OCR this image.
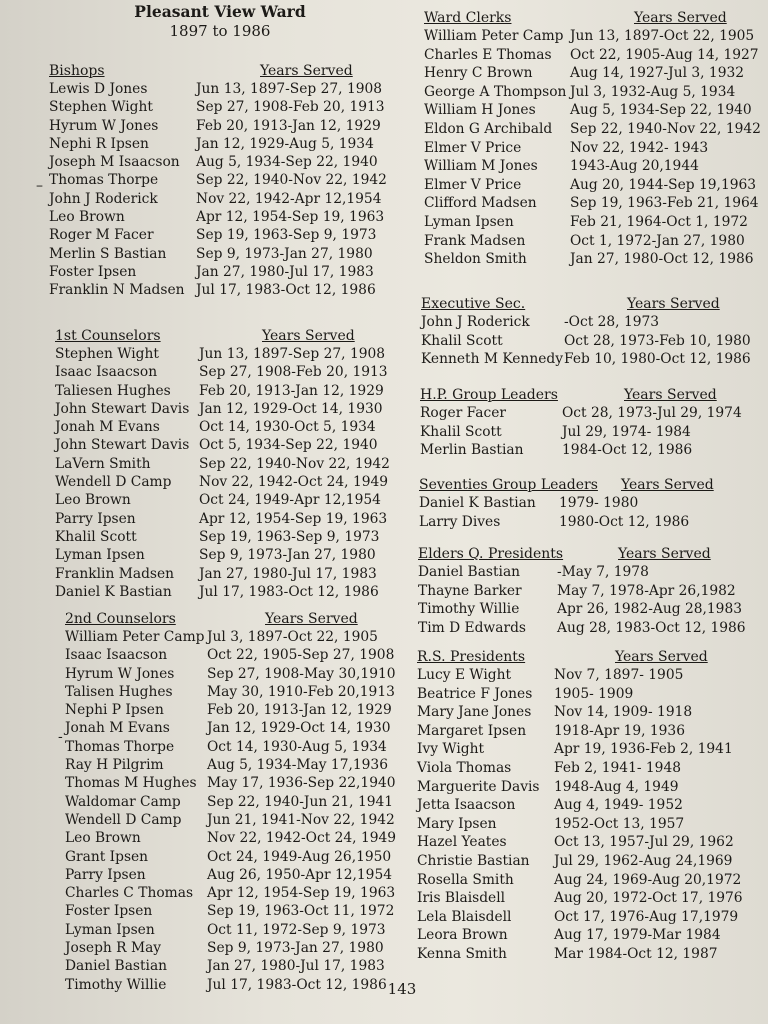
Pleasant View Ward
1897 to 1986
–
-
Bishops	Years Served
Lewis D Jones	Jun 13, 1897-Sep 27, 1908
Stephen Wight	Sep 27, 1908-Feb 20, 1913
Hyrum W Jones	Feb 20, 1913-Jan 12, 1929
Nephi R Ipsen	Jan 12, 1929-Aug 5, 1934
Joseph M Isaacson Aug 5, 1934-Sep 22, 1940
Thomas Thorpe	Sep 22, 1940-Nov 22, 1942
John J Roderick	Nov 22, 1942-Apr 12,1954
Leo Brown	Apr 12, 1954-Sep 19, 1963
Roger M Facer	Sep 19, 1963-Sep 9, 1973
Merlin S Bastian Sep 9, 1973-Jan 27, 1980
Foster Ipsen	Jan 27, 1980-Jul 17, 1983
Franklin N Madsen Jul 17, 1983-Oct 12, 1986
1st Counselors	Years Served
Stephen Wight	Jun 13, 1897-Sep 27, 1908
Isaac Isaacson	Sep 27, 1908-Feb 20, 1913
Taliesen Hughes Feb 20, 1913-Jan 12, 1929
John Stewart Davis Jan 12, 1929-Oct 14, 1930
Jonah M Evans	Oct 14, 1930-Oct 5, 1934
John Stewart Davis Oct 5, 1934-Sep 22, 1940
LaVern Smith	Sep 22, 1940-Nov 22, 1942
Wendell D Camp Nov 22, 1942-Oct 24, 1949
Leo Brown	Oct 24, 1949-Apr 12,1954
Parry Ipsen	Apr 12, 1954-Sep 19, 1963
Khalil Scott	Sep 19, 1963-Sep 9, 1973
Lyman Ipsen	Sep 9, 1973-Jan 27, 1980
Franklin Madsen Jan 27, 1980-Jul 17, 1983
Daniel K Bastian Jul 17, 1983-Oct 12, 1986
2nd Counselors	Years Served
William Peter Camp Jul 3, 1897-Oct 22, 1905
Isaac Isaacson	Oct 22, 1905-Sep 27, 1908
Hyrum W Jones Sep 27, 1908-May 30,1910
Talisen Hughes May 30, 1910-Feb 20,1913
Nephi P Ipsen	Feb 20, 1913-Jan 12, 1929
Jonah M Evans	Jan 12, 1929-Oct 14, 1930
Thomas Thorpe Oct 14, 1930-Aug 5, 1934
Ray H Pilgrim	Aug 5, 1934-May 17,1936
Thomas M Hughes May 17, 1936-Sep 22,1940
Waldomar Camp Sep 22, 1940-Jun 21, 1941
Wendell D Camp Jun 21, 1941-Nov 22, 1942
Leo Brown	Nov 22, 1942-Oct 24, 1949
Grant Ipsen	Oct 24, 1949-Aug 26,1950
Parry Ipsen	Aug 26, 1950-Apr 12,1954
Charles C Thomas Apr 12, 1954-Sep 19, 1963
Foster Ipsen	Sep 19, 1963-Oct 11, 1972
Lyman Ipsen	Oct 11, 1972-Sep 9, 1973
Joseph R May	Sep 9, 1973-Jan 27, 1980
Daniel Bastian	Jan 27, 1980-Jul 17, 1983
Timothy Willie	Jul 17, 1983-Oct 12, 1986
Ward Clerks	Years Served
William Peter Camp Jun 13, 1897-Oct 22, 1905
Charles E Thomas Oct 22, 1905-Aug 14, 1927
Henry C Brown	Aug 14, 1927-Jul 3, 1932
George A Thompson Jul 3, 1932-Aug 5, 1934
William H Jones Aug 5, 1934-Sep 22, 1940
Eldon G Archibald Sep 22, 1940-Nov 22, 1942
Elmer V Price	Nov 22, 1942- 1943
William M Jones 1943-Aug 20,1944
Elmer V Price	Aug 20, 1944-Sep 19,1963
Clifford Madsen Sep 19, 1963-Feb 21, 1964
Lyman Ipsen	Feb 21, 1964-Oct 1, 1972
Frank Madsen	Oct 1, 1972-Jan 27, 1980
Sheldon Smith	Jan 27, 1980-Oct 12, 1986
Executive Sec.	Years Served
John J Roderick -Oct 28, 1973
Khalil Scott	Oct 28, 1973-Feb 10, 1980
Kenneth M Kennedy Feb 10, 1980-Oct 12, 1986
H.P. Group Leaders	Years Served
Roger Facer	Oct 28, 1973-Jul 29, 1974
Khalil Scott	Jul 29, 1974- 1984
Merlin Bastian	1984-Oct 12, 1986
Seventies Group Leaders Years Served
Daniel K Bastian 1979- 1980
Larry Dives	1980-Oct 12, 1986
Elders Q. Presidents	Years Served
Daniel Bastian	-May 7, 1978
Thayne Barker	May 7, 1978-Apr 26,1982
Timothy Willie	Apr 26, 1982-Aug 28,1983
Tim D Edwards Aug 28, 1983-Oct 12, 1986
R.S. Presidents	Years Served
Lucy E Wight	Nov 7, 1897- 1905
Beatrice F Jones 1905- 1909
Mary Jane Jones Nov 14, 1909- 1918
Margaret Ipsen 1918-Apr 19, 1936
Ivy Wight	Apr 19, 1936-Feb 2, 1941
Viola Thomas	Feb 2, 1941- 1948
Marguerite Davis 1948-Aug 4, 1949
Jetta Isaacson	Aug 4, 1949- 1952
Mary Ipsen	1952-Oct 13, 1957
Hazel Yeates	Oct 13, 1957-Jul 29, 1962
Christie Bastian Jul 29, 1962-Aug 24,1969
Rosella Smith	Aug 24, 1969-Aug 20,1972
Iris Blaisdell	Aug 20, 1972-Oct 17, 1976
Lela Blaisdell	Oct 17, 1976-Aug 17,1979
Leora Brown	Aug 17, 1979-Mar 1984
Kenna Smith	Mar 1984-Oct 12, 1987
143
